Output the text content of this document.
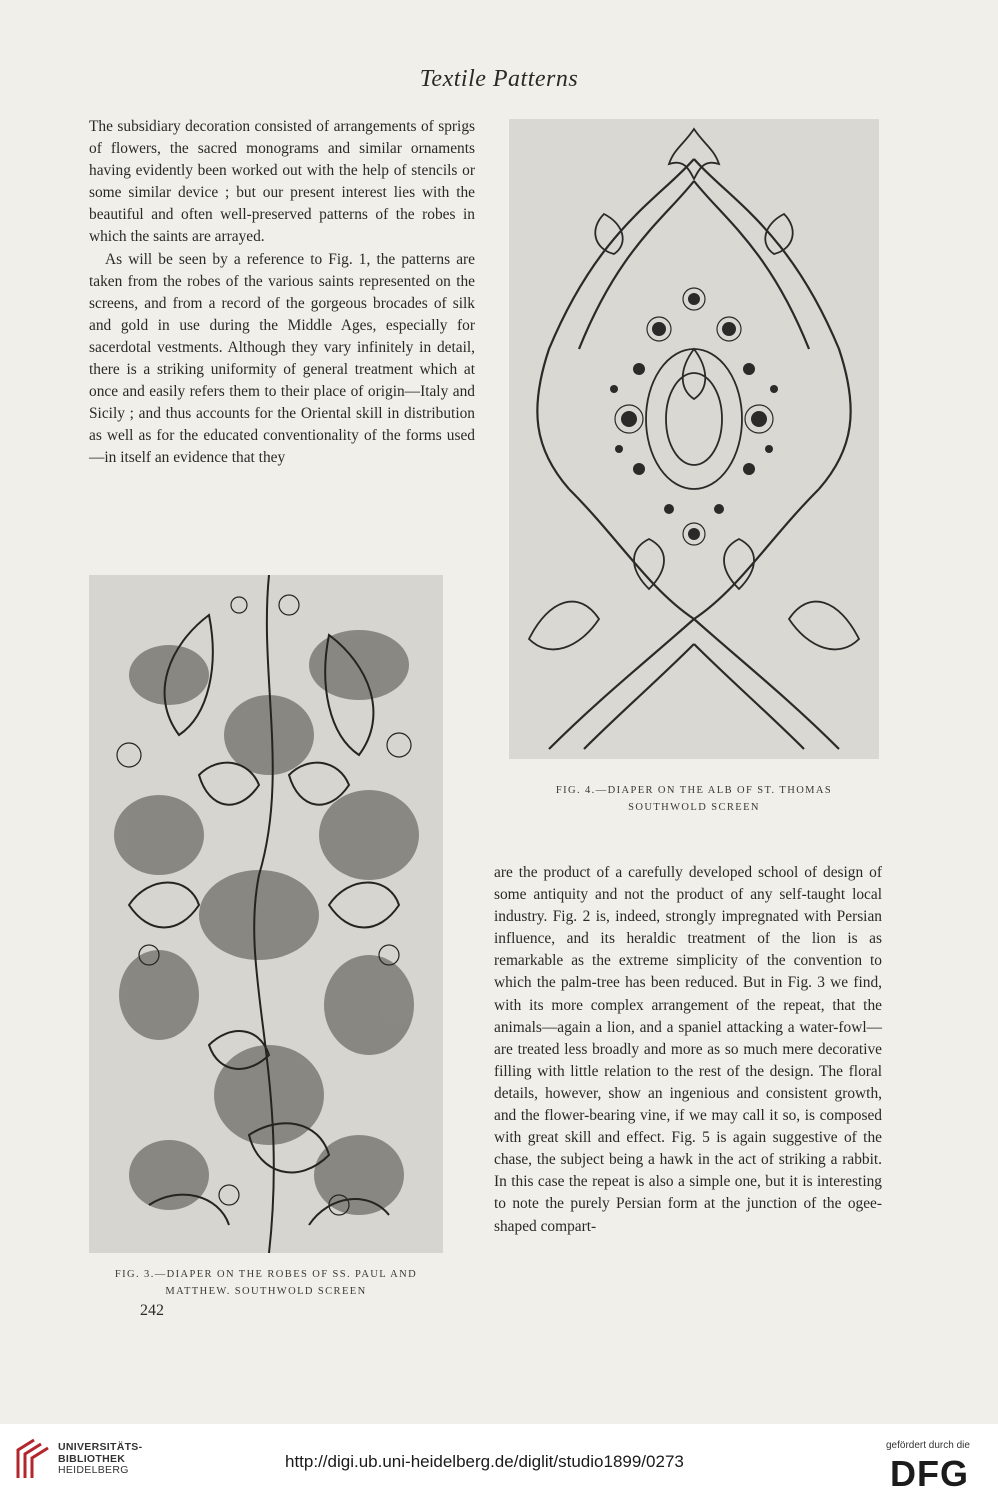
Textile Patterns

The subsidiary decoration consisted of arrangements of sprigs of flowers, the sacred monograms and similar ornaments having evidently been worked out with the help of stencils or some similar device ; but our present interest lies with the beautiful and often well-preserved patterns of the robes in which the saints are arrayed.

As will be seen by a reference to Fig. 1, the patterns are taken from the robes of the various saints represented on the screens, and from a record of the gorgeous brocades of silk and gold in use during the Middle Ages, especially for sacerdotal vestments. Although they vary infinitely in detail, there is a striking uniformity of general treatment which at once and easily refers them to their place of origin—Italy and Sicily ; and thus accounts for the Oriental skill in distribution as well as for the educated conventionality of the forms used—in itself an evidence that they

FIG. 4.—DIAPER ON THE ALB OF ST. THOMAS
SOUTHWOLD SCREEN
FIG. 3.—DIAPER ON THE ROBES OF SS. PAUL AND
MATTHEW. SOUTHWOLD SCREEN
242

are the product of a carefully developed school of design of some antiquity and not the product of any self-taught local industry. Fig. 2 is, indeed, strongly impregnated with Persian influence, and its heraldic treatment of the lion is as remarkable as the extreme simplicity of the convention to which the palm-tree has been reduced. But in Fig. 3 we find, with its more complex arrangement of the repeat, that the animals—again a lion, and a spaniel attacking a water-fowl—are treated less broadly and more as so much mere decorative filling with little relation to the rest of the design. The floral details, however, show an ingenious and consistent growth, and the flower-bearing vine, if we may call it so, is composed with great skill and effect. Fig. 5 is again suggestive of the chase, the subject being a hawk in the act of striking a rabbit. In this case the repeat is also a simple one, but it is interesting to note the purely Persian form at the junction of the ogee-shaped compart-

UNIVERSITÄTS-
BIBLIOTHEK
HEIDELBERG	http://digi.ub.uni-heidelberg.de/diglit/studio1899/0273
gefördert durch die
DFG
